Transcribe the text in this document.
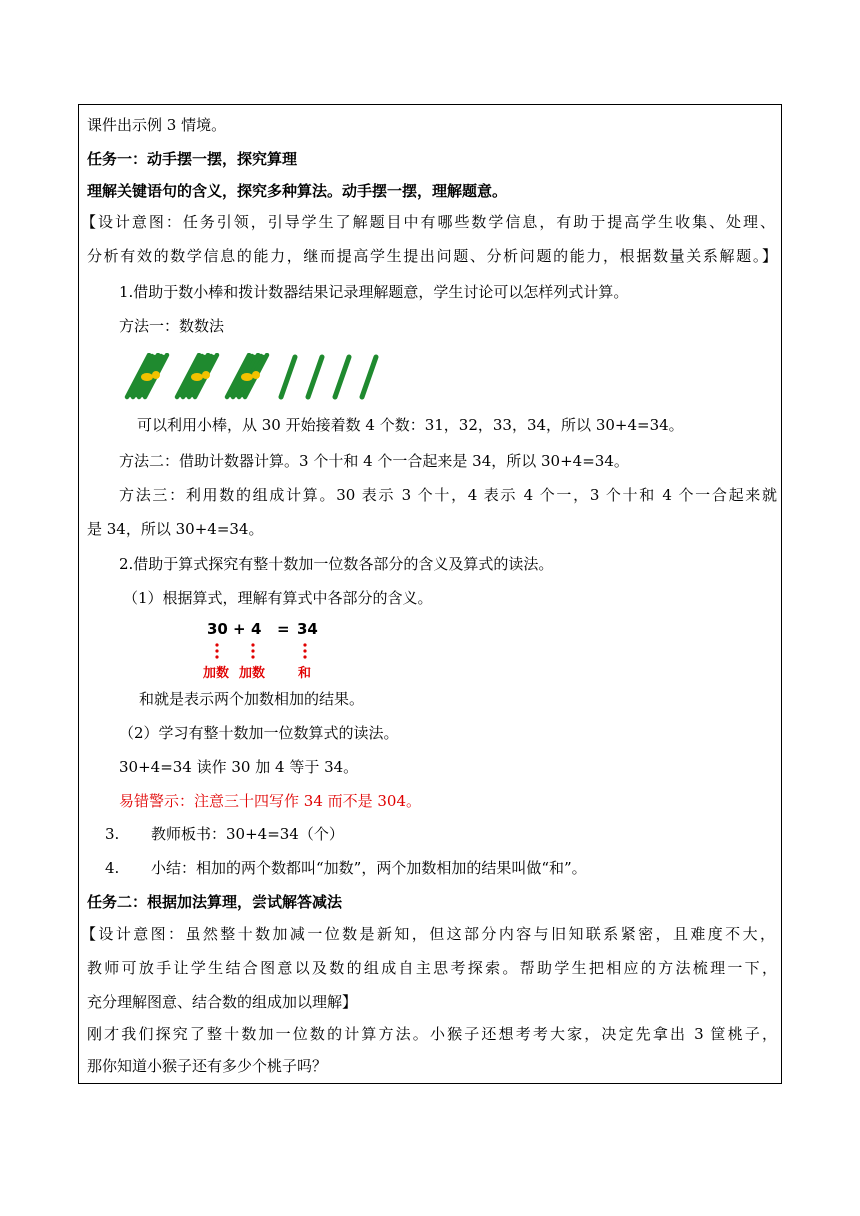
课件出示例 3 情境。
任务一：动手摆一摆，探究算理
理解关键语句的含义，探究多种算法。动手摆一摆，理解题意。
【设计意图：任务引领，引导学生了解题目中有哪些数学信息，有助于提高学生收集、处理、
分析有效的数学信息的能力，继而提高学生提出问题、分析问题的能力，根据数量关系解题。】
1.借助于数小棒和拨计数器结果记录理解题意，学生讨论可以怎样列式计算。
方法一：数数法
可以利用小棒，从 30 开始接着数 4 个数：31，32，33，34，所以 30+4=34。
方法二：借助计数器计算。3 个十和 4 个一合起来是 34，所以 30+4=34。
方法三：利用数的组成计算。30 表示 3 个十，4 表示 4 个一，3 个十和 4 个一合起来就
是 34，所以 30+4=34。
2.借助于算式探究有整十数加一位数各部分的含义及算式的读法。
（1）根据算式，理解有算式中各部分的含义。
30 + 4 = 34
加数 加数	和
和就是表示两个加数相加的结果。
（2）学习有整十数加一位数算式的读法。
30+4=34 读作 30 加 4 等于 34。
易错警示：注意三十四写作 34 而不是 304。
3. 教师板书：30+4=34（个）
4. 小结：相加的两个数都叫“加数”，两个加数相加的结果叫做“和”。
任务二：根据加法算理，尝试解答减法
【设计意图：虽然整十数加减一位数是新知，但这部分内容与旧知联系紧密，且难度不大，
教师可放手让学生结合图意以及数的组成自主思考探索。帮助学生把相应的方法梳理一下，
充分理解图意、结合数的组成加以理解】
刚才我们探究了整十数加一位数的计算方法。小猴子还想考考大家，决定先拿出 3 筐桃子，
那你知道小猴子还有多少个桃子吗？
